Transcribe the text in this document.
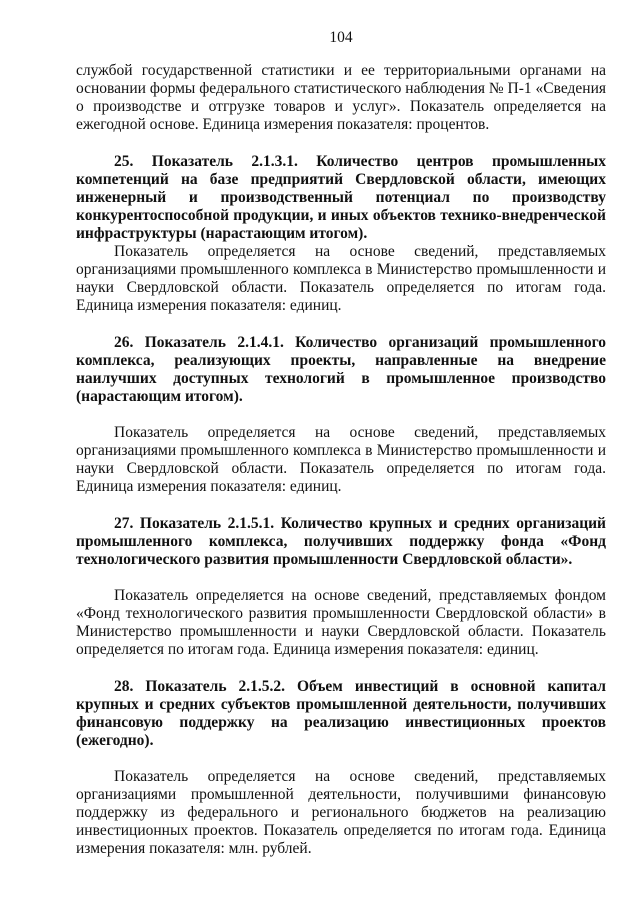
104

службой государственной статистики и ее территориальными органами на основании формы федерального статистического наблюдения № П-1 «Сведения о производстве и отгрузке товаров и услуг». Показатель определяется на ежегодной основе. Единица измерения показателя: процентов.

25. Показатель 2.1.3.1. Количество центров промышленных компетенций на базе предприятий Свердловской области, имеющих инженерный и производственный потенциал по производству конкурентоспособной продукции, и иных объектов технико-внедренческой инфраструктуры (нарастающим итогом).

Показатель определяется на основе сведений, представляемых организациями промышленного комплекса в Министерство промышленности и науки Свердловской области. Показатель определяется по итогам года. Единица измерения показателя: единиц.

26. Показатель 2.1.4.1. Количество организаций промышленного комплекса, реализующих проекты, направленные на внедрение наилучших доступных технологий в промышленное производство (нарастающим итогом).

Показатель определяется на основе сведений, представляемых организациями промышленного комплекса в Министерство промышленности и науки Свердловской области. Показатель определяется по итогам года. Единица измерения показателя: единиц.

27. Показатель 2.1.5.1. Количество крупных и средних организаций промышленного комплекса, получивших поддержку фонда «Фонд технологического развития промышленности Свердловской области».

Показатель определяется на основе сведений, представляемых фондом «Фонд технологического развития промышленности Свердловской области» в Министерство промышленности и науки Свердловской области. Показатель определяется по итогам года. Единица измерения показателя: единиц.

28. Показатель 2.1.5.2. Объем инвестиций в основной капитал крупных и средних субъектов промышленной деятельности, получивших финансовую поддержку на реализацию инвестиционных проектов (ежегодно).

Показатель определяется на основе сведений, представляемых организациями промышленной деятельности, получившими финансовую поддержку из федерального и регионального бюджетов на реализацию инвестиционных проектов. Показатель определяется по итогам года. Единица измерения показателя: млн. рублей.
